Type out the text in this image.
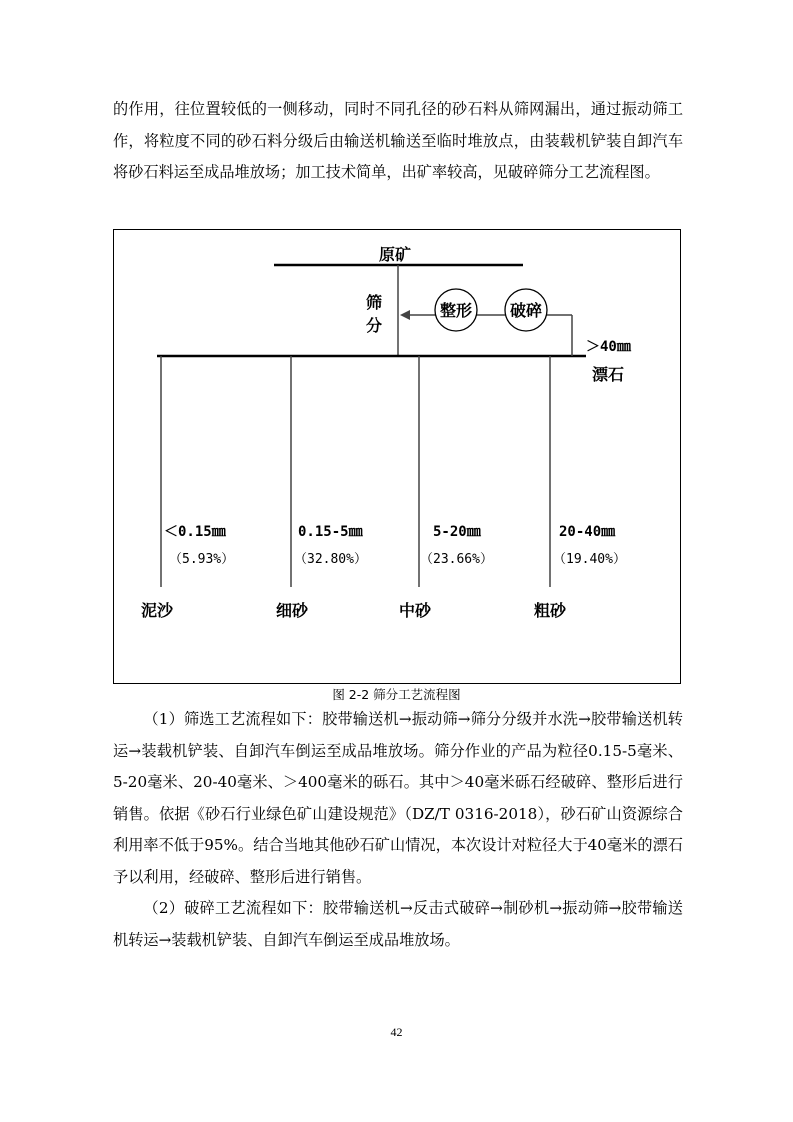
的作用，往位置较低的一侧移动，同时不同孔径的砂石料从筛网漏出，通过振动筛工作，将粒度不同的砂石料分级后由输送机输送至临时堆放点，由装载机铲装自卸汽车将砂石料运至成品堆放场；加工技术简单，出矿率较高，见破碎筛分工艺流程图。

原矿
筛
分
整形 破碎
＞40㎜
漂石
＜0.15㎜
（5.93%）
泥沙
0.15-5㎜
（32.80%）
细砂
5-20㎜
（23.66%）
中砂
20-40㎜
（19.40%）
粗砂
图 2-2 筛分工艺流程图

（1）筛选工艺流程如下：胶带输送机→振动筛→筛分分级并水洗→胶带输送机转运→装载机铲装、自卸汽车倒运至成品堆放场。筛分作业的产品为粒径0.15-5毫米、5-20毫米、20-40毫米、＞400毫米的砾石。其中＞40毫米砾石经破碎、整形后进行销售。依据《砂石行业绿色矿山建设规范》（DZ/T 0316-2018），砂石矿山资源综合利用率不低于95%。结合当地其他砂石矿山情况，本次设计对粒径大于40毫米的漂石予以利用，经破碎、整形后进行销售。

（2）破碎工艺流程如下：胶带输送机→反击式破碎→制砂机→振动筛→胶带输送机转运→装载机铲装、自卸汽车倒运至成品堆放场。

42
